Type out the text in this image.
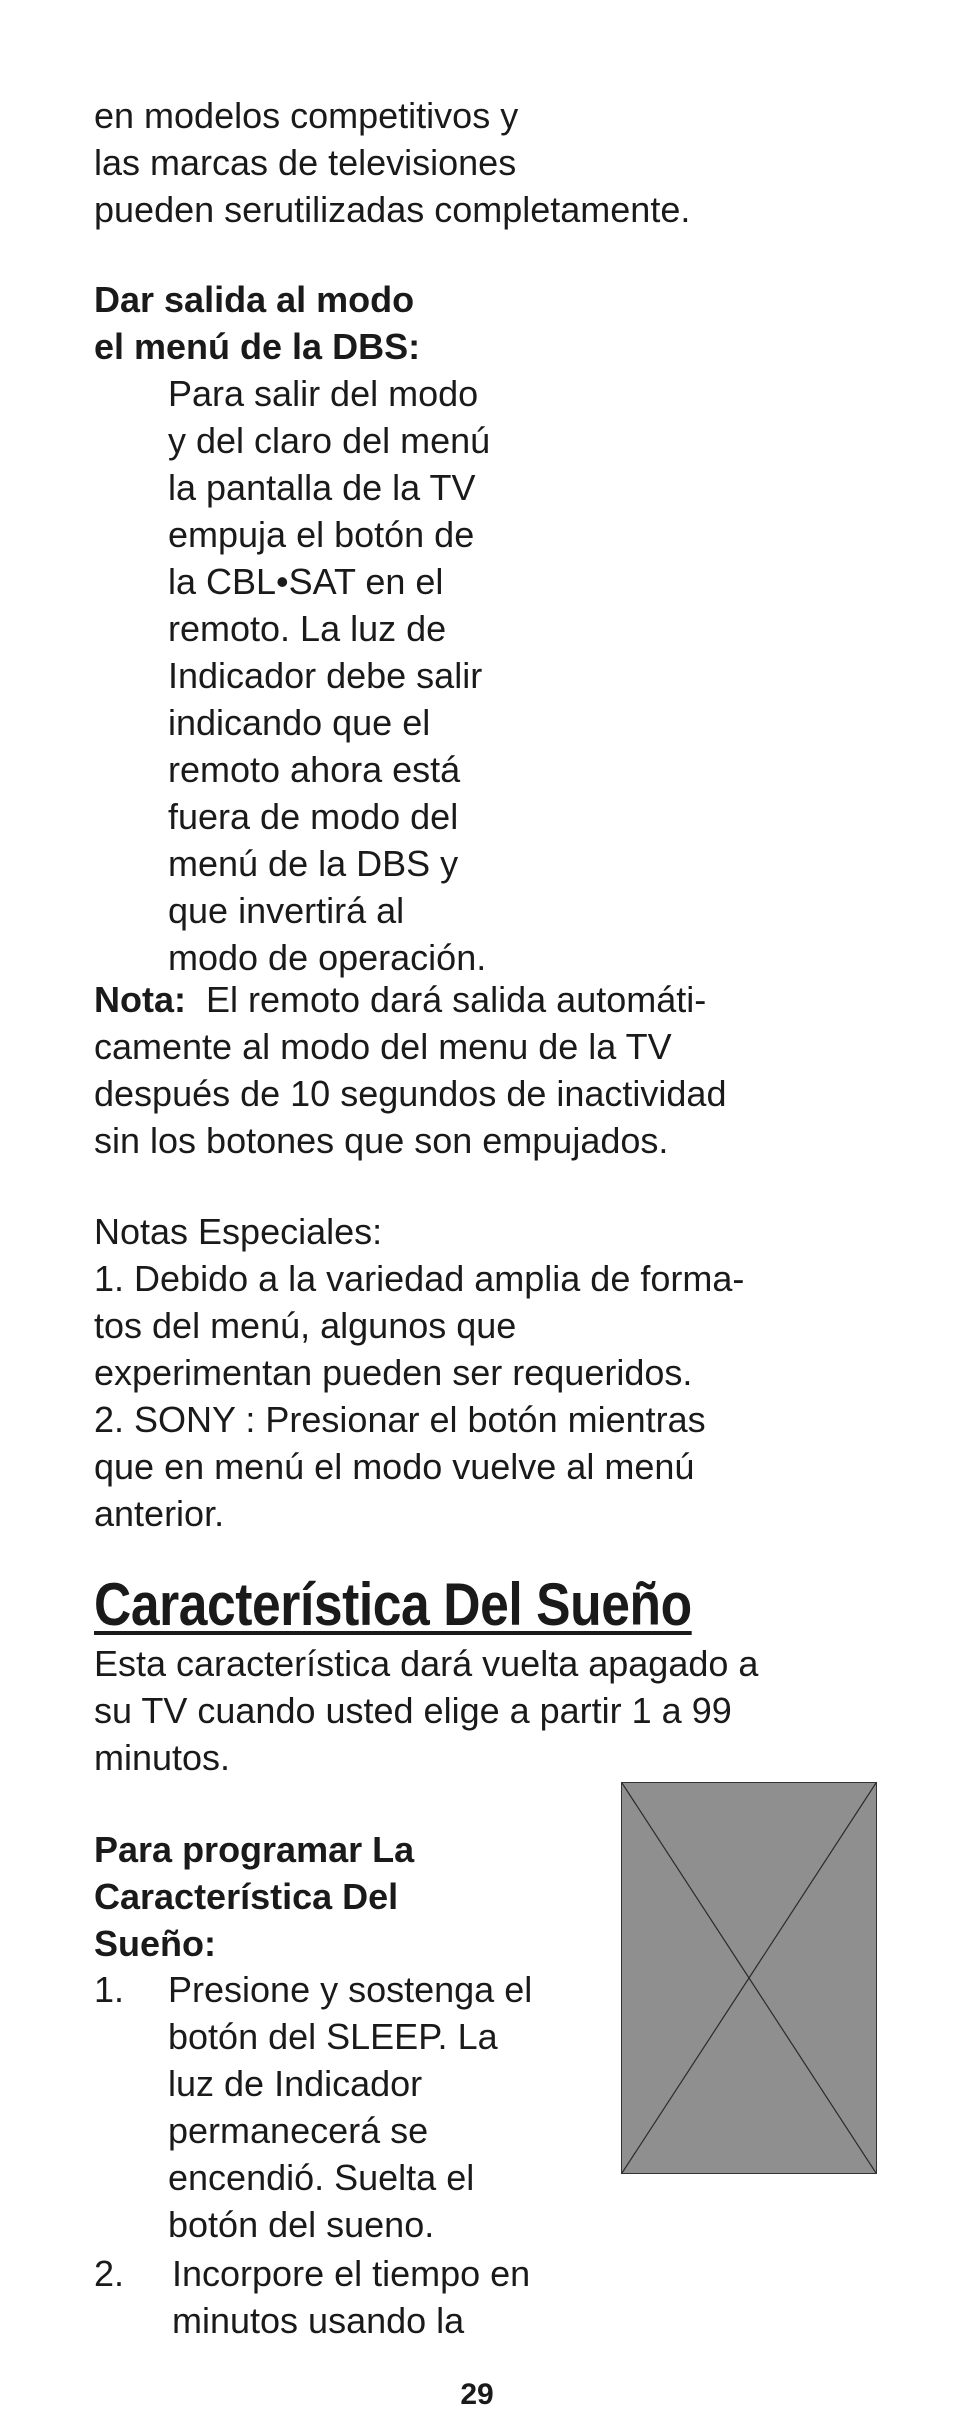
en modelos competitivos y
las marcas de televisiones
pueden serutilizadas completamente.
Dar salida al modo
el menú de la DBS:
Para salir del modo
y del claro del menú
la pantalla de la TV
empuja el botón de
la CBL•SAT en el
remoto. La luz de
Indicador debe salir
indicando que el
remoto ahora está
fuera de modo del
menú de la DBS y
que invertirá al
modo de operación.
Nota:  El remoto dará salida automáti-
camente al modo del menu de la TV
después de 10 segundos de inactividad
sin los botones que son empujados.
Notas Especiales:
1. Debido a la variedad amplia de forma-
tos del menú, algunos que
experimentan pueden ser requeridos.
2. SONY : Presionar el botón mientras
que en menú el modo vuelve al menú
anterior.
Característica Del Sueño
Esta característica dará vuelta apagado a
su TV cuando usted elige a partir 1 a 99
minutos.
Para programar La
Característica Del
Sueño:
1. Presione y sostenga el
botón del SLEEP. La
luz de Indicador
permanecerá se
encendió. Suelta el
botón del sueno.
2. Incorpore el tiempo en
minutos usando la
29
